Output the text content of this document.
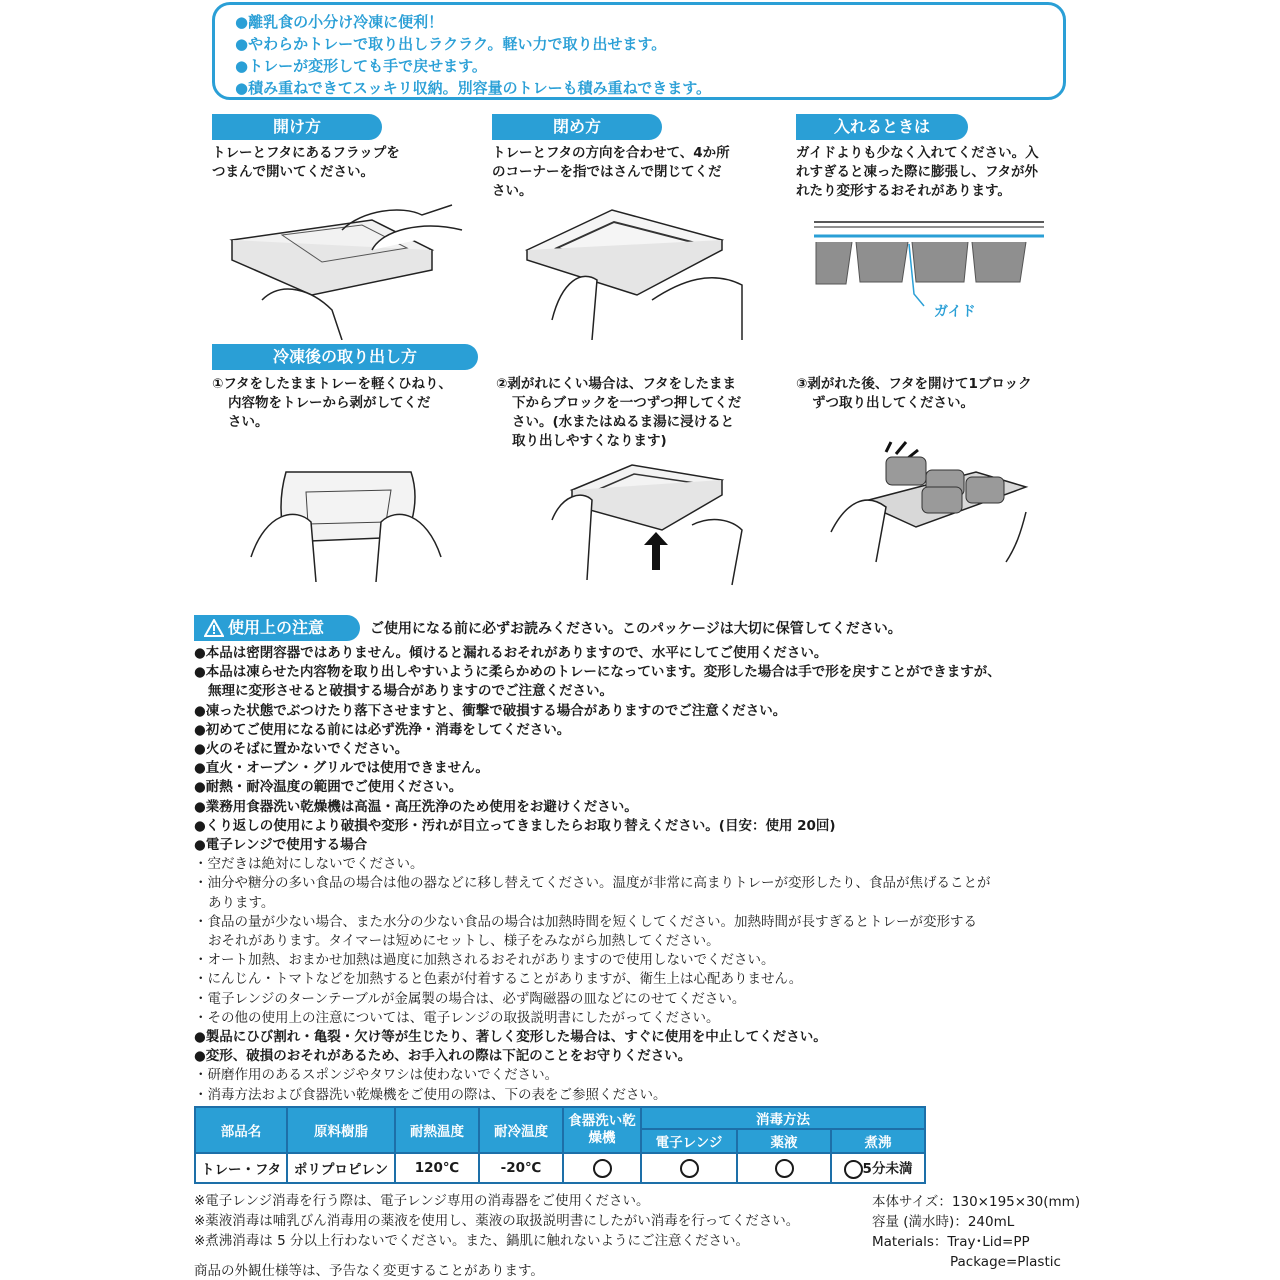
●離乳食の小分け冷凍に便利！
●やわらかトレーで取り出しラクラク。軽い力で取り出せます。
●トレーが変形しても手で戻せます。
●積み重ねできてスッキリ収納。別容量のトレーも積み重ねできます。
開け方	閉め方	入れるときは
トレーとフタにあるフラップを
つまんで開いてください。
トレーとフタの方向を合わせて、4か所
のコーナーを指ではさんで閉じてくだ
さい。
ガイドよりも少なく入れてください。入
れすぎると凍った際に膨張し、フタが外
れたり変形するおそれがあります。
ガイド
冷凍後の取り出し方
①フタをしたままトレーを軽くひねり、
内容物をトレーから剥がしてくだ
さい。
②剥がれにくい場合は、フタをしたまま
下からブロックを一つずつ押してくだ
さい。(水またはぬるま湯に浸けると
取り出しやすくなります)
③剥がれた後、フタを開けて1ブロック
ずつ取り出してください。
使用上の注意	ご使用になる前に必ずお読みください。このパッケージは大切に保管してください。
●本品は密閉容器ではありません。傾けると漏れるおそれがありますので、水平にしてご使用ください。
●本品は凍らせた内容物を取り出しやすいように柔らかめのトレーになっています。変形した場合は手で形を戻すことができますが、
無理に変形させると破損する場合がありますのでご注意ください。
●凍った状態でぶつけたり落下させますと、衝撃で破損する場合がありますのでご注意ください。
●初めてご使用になる前には必ず洗浄・消毒をしてください。
●火のそばに置かないでください。
●直火・オーブン・グリルでは使用できません。
●耐熱・耐冷温度の範囲でご使用ください。
●業務用食器洗い乾燥機は高温・高圧洗浄のため使用をお避けください。
●くり返しの使用により破損や変形・汚れが目立ってきましたらお取り替えください。(目安：使用 20回)
●電子レンジで使用する場合
・空だきは絶対にしないでください。
・油分や糖分の多い食品の場合は他の器などに移し替えてください。温度が非常に高まりトレーが変形したり、食品が焦げることが
あります。
・食品の量が少ない場合、また水分の少ない食品の場合は加熱時間を短くしてください。加熱時間が長すぎるとトレーが変形する
おそれがあります。タイマーは短めにセットし、様子をみながら加熱してください。
・オート加熱、おまかせ加熱は過度に加熱されるおそれがありますので使用しないでください。
・にんじん・トマトなどを加熱すると色素が付着することがありますが、衛生上は心配ありません。
・電子レンジのターンテーブルが金属製の場合は、必ず陶磁器の皿などにのせてください。
・その他の使用上の注意については、電子レンジの取扱説明書にしたがってください。
●製品にひび割れ・亀裂・欠け等が生じたり、著しく変形した場合は、すぐに使用を中止してください。
●変形、破損のおそれがあるため、お手入れの際は下記のことをお守りください。
・研磨作用のあるスポンジやタワシは使わないでください。
・消毒方法および食器洗い乾燥機をご使用の際は、下の表をご参照ください。
部品名	原料樹脂	耐熱温度	耐冷温度	食器洗い乾燥機	消毒方法		
					電子レンジ	薬液	煮沸
トレー・フタ	ポリプロピレン	120℃	-20℃				5分未満
※電子レンジ消毒を行う際は、電子レンジ専用の消毒器をご使用ください。
※薬液消毒は哺乳びん消毒用の薬液を使用し、薬液の取扱説明書にしたがい消毒を行ってください。
※煮沸消毒は 5 分以上行わないでください。また、鍋肌に触れないようにご注意ください。
商品の外観仕様等は、予告なく変更することがあります。
本体サイズ：130×195×30(mm)
容量 (満水時)：240mL
Materials：Tray･Lid=PP
Package=Plastic
